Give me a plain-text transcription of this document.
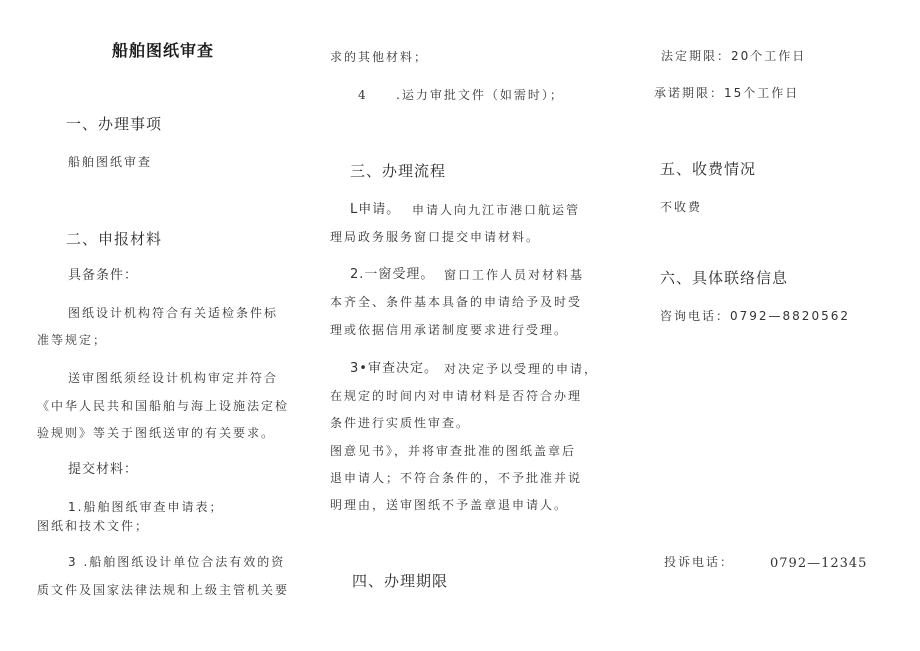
船舶图纸审查
一、办理事项
船舶图纸审查
二、申报材料
具备条件：
图纸设计机构符合有关适检条件标
准等规定；
送审图纸须经设计机构审定并符合
《中华人民共和国船舶与海上设施法定检
验规则》等关于图纸送审的有关要求。
提交材料：
1.船舶图纸审查申请表；
图纸和技术文件；
3 .船舶图纸设计单位合法有效的资
质文件及国家法律法规和上级主管机关要
求的其他材料；
4 .运力审批文件（如需时）；
三、办理流程
L申请。 申请人向九江市港口航运管
理局政务服务窗口提交申请材料。
2.一窗受理。 窗口工作人员对材料基
本齐全、条件基本具备的申请给予及时受
理或依据信用承诺制度要求进行受理。
3•审查决定。 对决定予以受理的申请，
在规定的时间内对申请材料是否符合办理
条件进行实质性审查。
图意见书》，并将审查批准的图纸盖章后
退申请人；不符合条件的，不予批准并说
明理由，送审图纸不予盖章退申请人。
四、办理期限
法定期限：20个工作日
承诺期限：15个工作日
五、收费情况
不收费
六、具体联络信息
咨询电话：0792—8820562
投诉电话：	0792—12345
